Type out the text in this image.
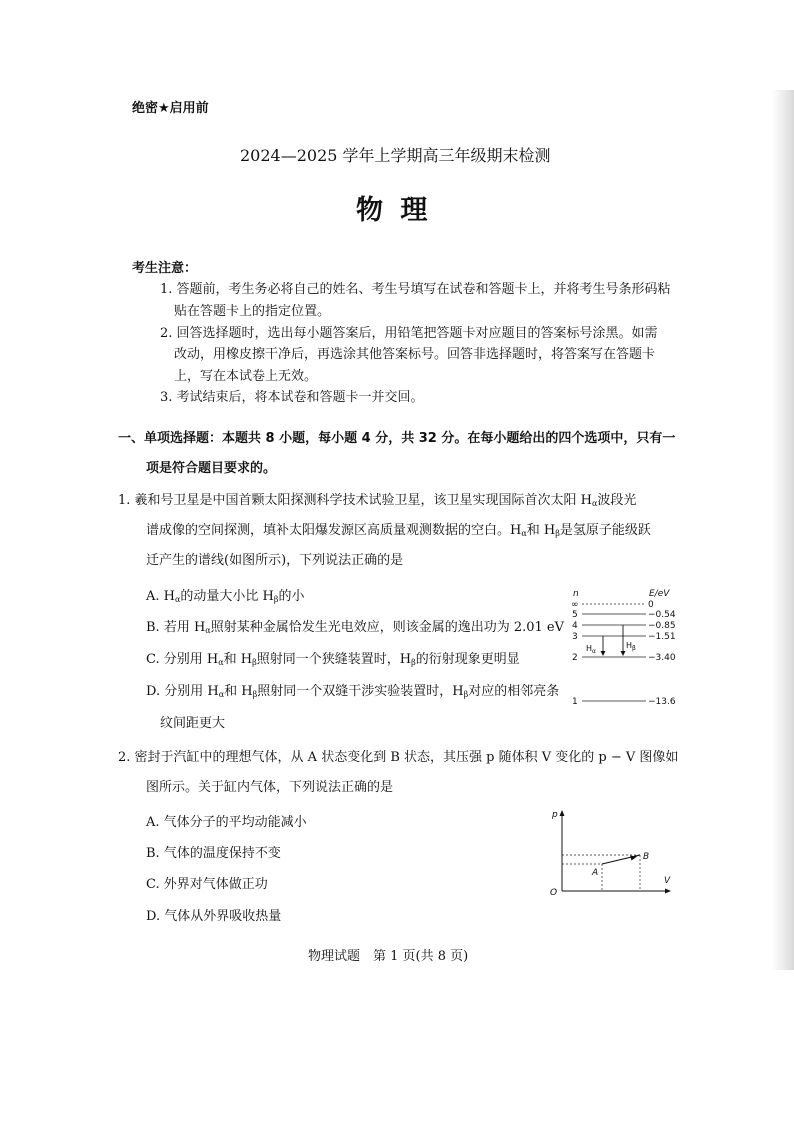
绝密★启用前
2024—2025 学年上学期高三年级期末检测
物 理
考生注意：
1. 答题前，考生务必将自己的姓名、考生号填写在试卷和答题卡上，并将考生号条形码粘
贴在答题卡上的指定位置。
2. 回答选择题时，选出每小题答案后，用铅笔把答题卡对应题目的答案标号涂黑。如需
改动，用橡皮擦干净后，再选涂其他答案标号。回答非选择题时，将答案写在答题卡
上，写在本试卷上无效。
3. 考试结束后，将本试卷和答题卡一并交回。
一、单项选择题：本题共 8 小题，每小题 4 分，共 32 分。在每小题给出的四个选项中，只有一
项是符合题目要求的。
1. 羲和号卫星是中国首颗太阳探测科学技术试验卫星，该卫星实现国际首次太阳 $H_\alpha$波段光
谱成像的空间探测，填补太阳爆发源区高质量观测数据的空白。$H_\alpha$和 $H_\beta$是氢原子能级跃
迁产生的谱线(如图所示)，下列说法正确的是
A. $H_\alpha$的动量大小比 $H_\beta$的小
B. 若用 $H_\alpha$照射某种金属恰发生光电效应，则该金属的逸出功为 2.01 eV
C. 分别用 $H_\alpha$和 $H_\beta$照射同一个狭缝装置时，$H_\beta$的衍射现象更明显
D. 分别用 $H_\alpha$和 $H_\beta$照射同一个双缝干涉实验装置时，$H_\beta$对应的相邻亮条
纹间距更大
n	E/eV
∞	0
5	−0.54
4	−0.85
3	−1.51
2	−3.40
1	−13.6
$H_\alpha$
$H_\beta$
2. 密封于汽缸中的理想气体，从 A 状态变化到 B 状态，其压强 p 随体积 V 变化的 p − V 图像如
图所示。关于缸内气体，下列说法正确的是
A. 气体分子的平均动能减小
B. 气体的温度保持不变
C. 外界对气体做正功
D. 气体从外界吸收热量
p
V
O
A
B
物理试题　第 1 页(共 8 页)
